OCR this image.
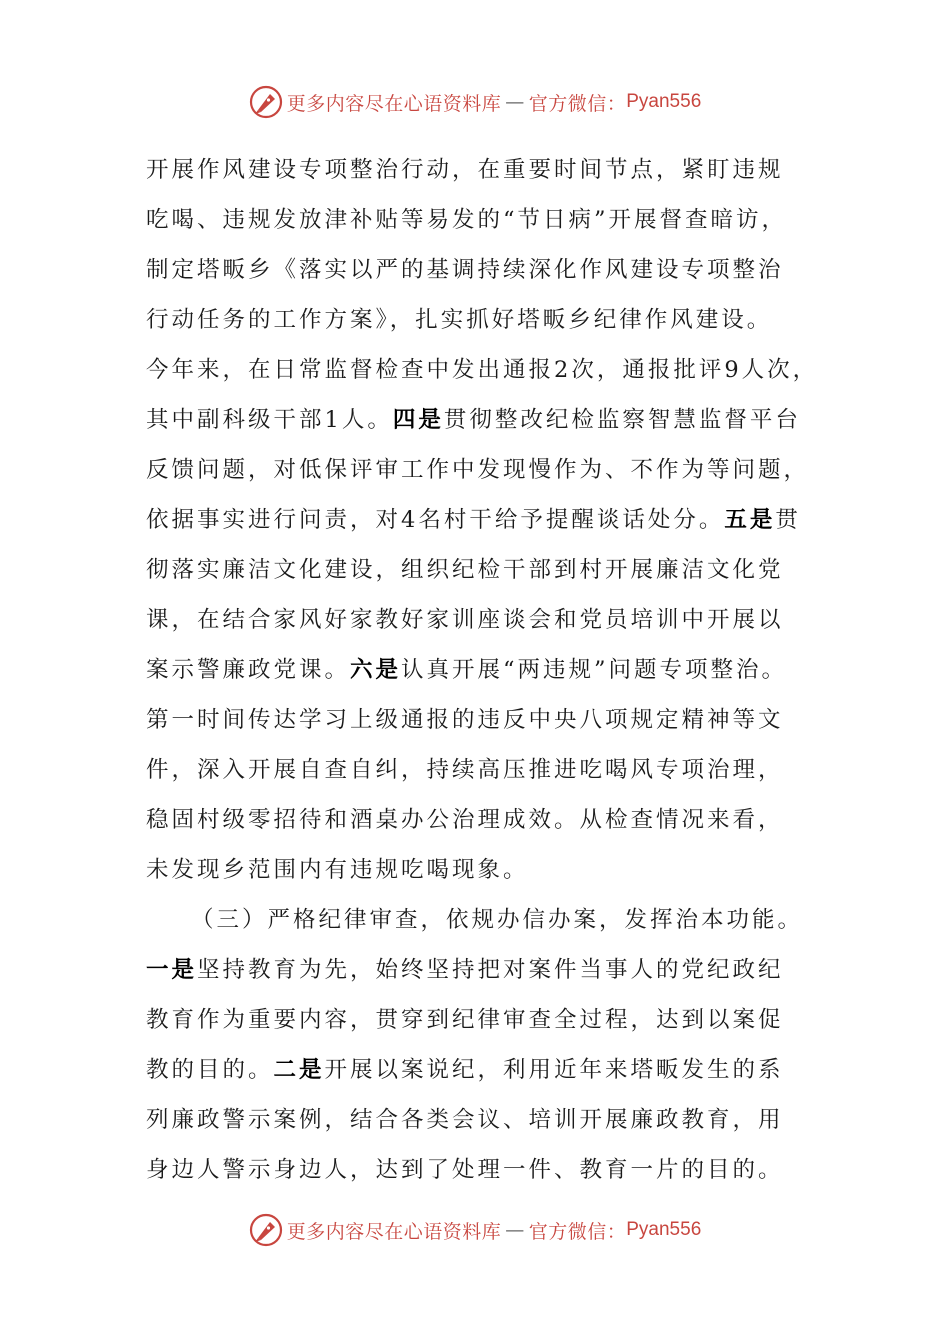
更多内容尽在心语资料库 — 官方微信： Pyan556
开展作风建设专项整治行动，在重要时间节点，紧盯违规
吃喝、违规发放津补贴等易发的“节日病”开展督查暗访，
制定塔畈乡《落实以严的基调持续深化作风建设专项整治
行动任务的工作方案》，扎实抓好塔畈乡纪律作风建设。
今年来，在日常监督检查中发出通报2次，通报批评9人次，
其中副科级干部1人。四是贯彻整改纪检监察智慧监督平台
反馈问题，对低保评审工作中发现慢作为、不作为等问题，
依据事实进行问责，对4名村干给予提醒谈话处分。五是贯
彻落实廉洁文化建设，组织纪检干部到村开展廉洁文化党
课，在结合家风好家教好家训座谈会和党员培训中开展以
案示警廉政党课。六是认真开展“两违规”问题专项整治。
第一时间传达学习上级通报的违反中央八项规定精神等文
件，深入开展自查自纠，持续高压推进吃喝风专项治理，
稳固村级零招待和酒桌办公治理成效。从检查情况来看，
未发现乡范围内有违规吃喝现象。
（三）严格纪律审查，依规办信办案，发挥治本功能。
一是坚持教育为先，始终坚持把对案件当事人的党纪政纪
教育作为重要内容，贯穿到纪律审查全过程，达到以案促
教的目的。二是开展以案说纪，利用近年来塔畈发生的系
列廉政警示案例，结合各类会议、培训开展廉政教育，用
身边人警示身边人，达到了处理一件、教育一片的目的。
更多内容尽在心语资料库 — 官方微信： Pyan556
